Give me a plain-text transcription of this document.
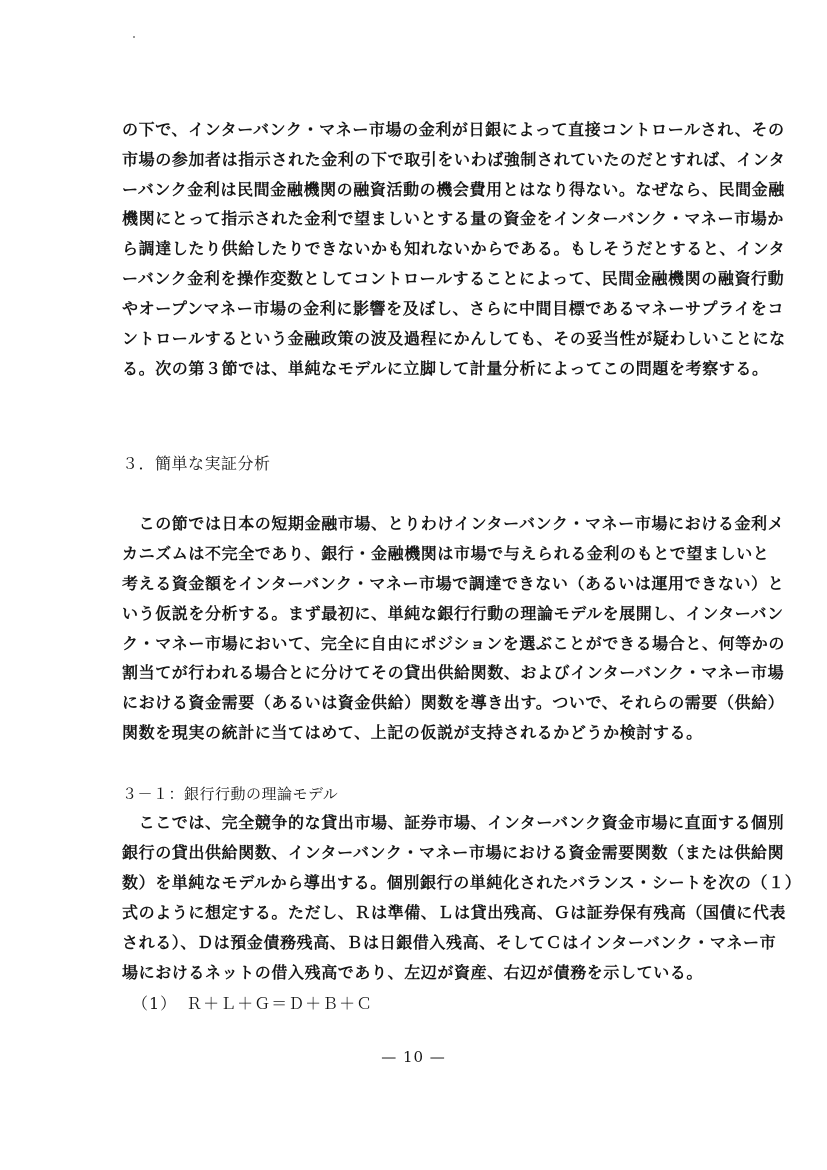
の下で、インターバンク・マネー市場の金利が日銀によって直接コントロールされ、その
市場の参加者は指示された金利の下で取引をいわば強制されていたのだとすれば、インタ
ーバンク金利は民間金融機関の融資活動の機会費用とはなり得ない。なぜなら、民間金融
機関にとって指示された金利で望ましいとする量の資金をインターバンク・マネー市場か
ら調達したり供給したりできないかも知れないからである。もしそうだとすると、インタ
ーバンク金利を操作変数としてコントロールすることによって、民間金融機関の融資行動
やオープンマネー市場の金利に影響を及ぼし、さらに中間目標であるマネーサプライをコ
ントロールするという金融政策の波及過程にかんしても、その妥当性が疑わしいことにな
る。次の第３節では、単純なモデルに立脚して計量分析によってこの問題を考察する。
３．簡単な実証分析
　この節では日本の短期金融市場、とりわけインターバンク・マネー市場における金利メ
カニズムは不完全であり、銀行・金融機関は市場で与えられる金利のもとで望ましいと
考える資金額をインターバンク・マネー市場で調達できない（あるいは運用できない）と
いう仮説を分析する。まず最初に、単純な銀行行動の理論モデルを展開し、インターバン
ク・マネー市場において、完全に自由にポジションを選ぶことができる場合と、何等かの
割当てが行われる場合とに分けてその貸出供給関数、およびインターバンク・マネー市場
における資金需要（あるいは資金供給）関数を導き出す。ついで、それらの需要（供給）
関数を現実の統計に当てはめて、上記の仮説が支持されるかどうか検討する。
３－１：銀行行動の理論モデル
　ここでは、完全競争的な貸出市場、証券市場、インターバンク資金市場に直面する個別
銀行の貸出供給関数、インターバンク・マネー市場における資金需要関数（または供給関
数）を単純なモデルから導出する。個別銀行の単純化されたバランス・シートを次の（１）
式のように想定する。ただし、Ｒは準備、Ｌは貸出残高、Ｇは証券保有残高（国債に代表
される）、Ｄは預金債務残高、Ｂは日銀借入残高、そしてＣはインターバンク・マネー市
場におけるネットの借入残高であり、左辺が資産、右辺が債務を示している。
（1）　Ｒ＋Ｌ＋Ｇ＝Ｄ＋Ｂ＋Ｃ
— 10 —
